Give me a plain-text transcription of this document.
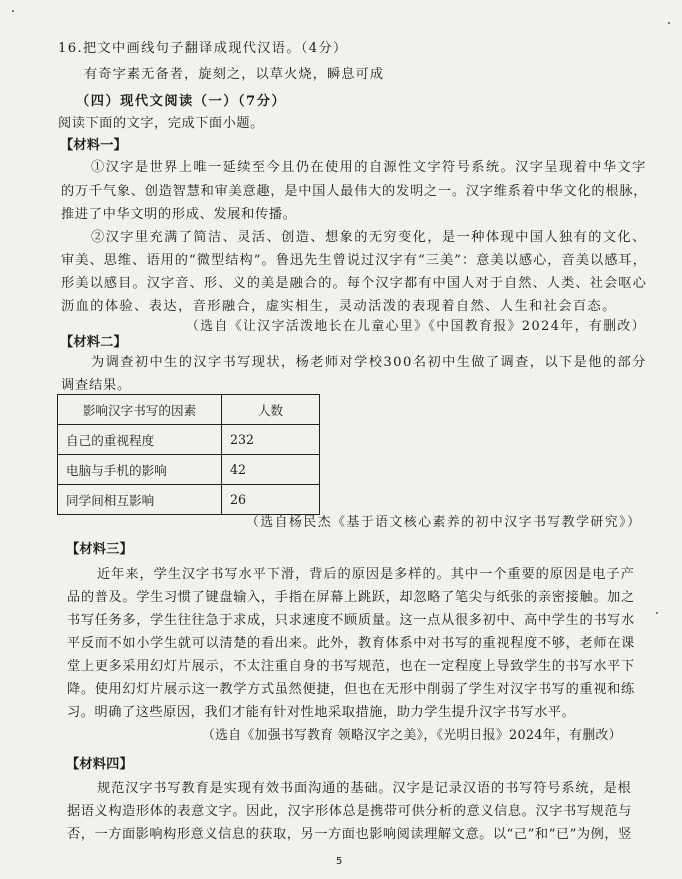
16.把文中画线句子翻译成现代汉语。（4分）
有奇字素无备者，旋刻之，以草火烧，瞬息可成
（四）现代文阅读（一）（7分）
阅读下面的文字，完成下面小题。
【材料一】
①汉字是世界上唯一延续至今且仍在使用的自源性文字符号系统。汉字呈现着中华文字
的万千气象、创造智慧和审美意趣，是中国人最伟大的发明之一。汉字维系着中华文化的根脉，
推进了中华文明的形成、发展和传播。
②汉字里充满了简洁、灵活、创造、想象的无穷变化，是一种体现中国人独有的文化、
审美、思维、语用的“微型结构”。鲁迅先生曾说过汉字有“三美”：意美以感心，音美以感耳，
形美以感目。汉字音、形、义的美是融合的。每个汉字都有中国人对于自然、人类、社会呕心
沥血的体验、表达，音形融合，虚实相生，灵动活泼的表现着自然、人生和社会百态。
（选自《让汉字活泼地长在儿童心里》《中国教育报》2024年，有删改）
【材料二】
为调查初中生的汉字书写现状，杨老师对学校300名初中生做了调查，以下是他的部分
调查结果。
影响汉字书写的因素	人数
自己的重视程度	232
电脑与手机的影响	42
同学间相互影响	26
（选自杨民杰《基于语文核心素养的初中汉字书写教学研究》）
【材料三】
近年来，学生汉字书写水平下滑，背后的原因是多样的。其中一个重要的原因是电子产
品的普及。学生习惯了键盘输入，手指在屏幕上跳跃，却忽略了笔尖与纸张的亲密接触。加之
书写任务多，学生往往急于求成，只求速度不顾质量。这一点从很多初中、高中学生的书写水
平反而不如小学生就可以清楚的看出来。此外，教育体系中对书写的重视程度不够，老师在课
堂上更多采用幻灯片展示，不太注重自身的书写规范，也在一定程度上导致学生的书写水平下
降。使用幻灯片展示这一教学方式虽然便捷，但也在无形中削弱了学生对汉字书写的重视和练
习。明确了这些原因，我们才能有针对性地采取措施，助力学生提升汉字书写水平。
（选自《加强书写教育 领略汉字之美》，《光明日报》2024年，有删改）
【材料四】
规范汉字书写教育是实现有效书面沟通的基础。汉字是记录汉语的书写符号系统，是根
据语义构造形体的表意文字。因此，汉字形体总是携带可供分析的意义信息。汉字书写规范与
否，一方面影响构形意义信息的获取，另一方面也影响阅读理解文意。以“己”和“已”为例，竖
5
